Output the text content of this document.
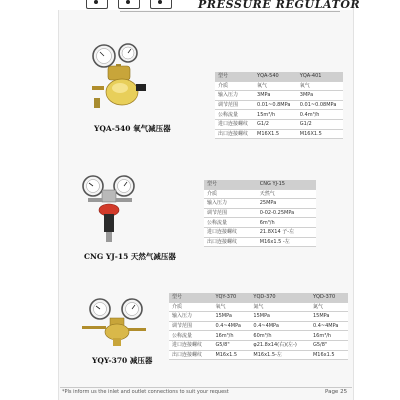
PRESSURE REGULATOR
YQA-540 氧气减压器
型号	YQA-540	YQA-401
介质	氧气	氧气
输入压力	3MPa	3MPa
调节范围	0.01~0.8MPa	0.01~0.08MPa
公称流量	15m³/h	0.4m³/h
进口连接螺纹	G1/2	G1/2
出口连接螺纹	M16X1.5	M16X1.5
CNG YJ-15 天然气减压器
型号	CNG YJ-15
介质	天然气
输入压力	25MPa
调节范围	0-02-0.25MPa
公称流量	6m³/h
进口连接螺纹	21.8X14 子-左
出口连接螺纹	M16x1.5 -左
YQY-370 减压器
型号	YQY-370	YQD-370	YQD-370
介质	氧气	氮气	氮气
输入压力	15MPa	15MPa	15MPa
调节范围	0.4~4MPa	0.4~4MPa	0.4~4MPa
公称流量	16m³/h	60m³/h	16m³/h
进口连接螺纹	G5/8"	φ21.8x14(右)(左-)	G5/8"
出口连接螺纹	M16x1.5	M16x1.5-左	M16x1.5
*Pls inform us the inlet and outlet connections to suit your request	Page 25
